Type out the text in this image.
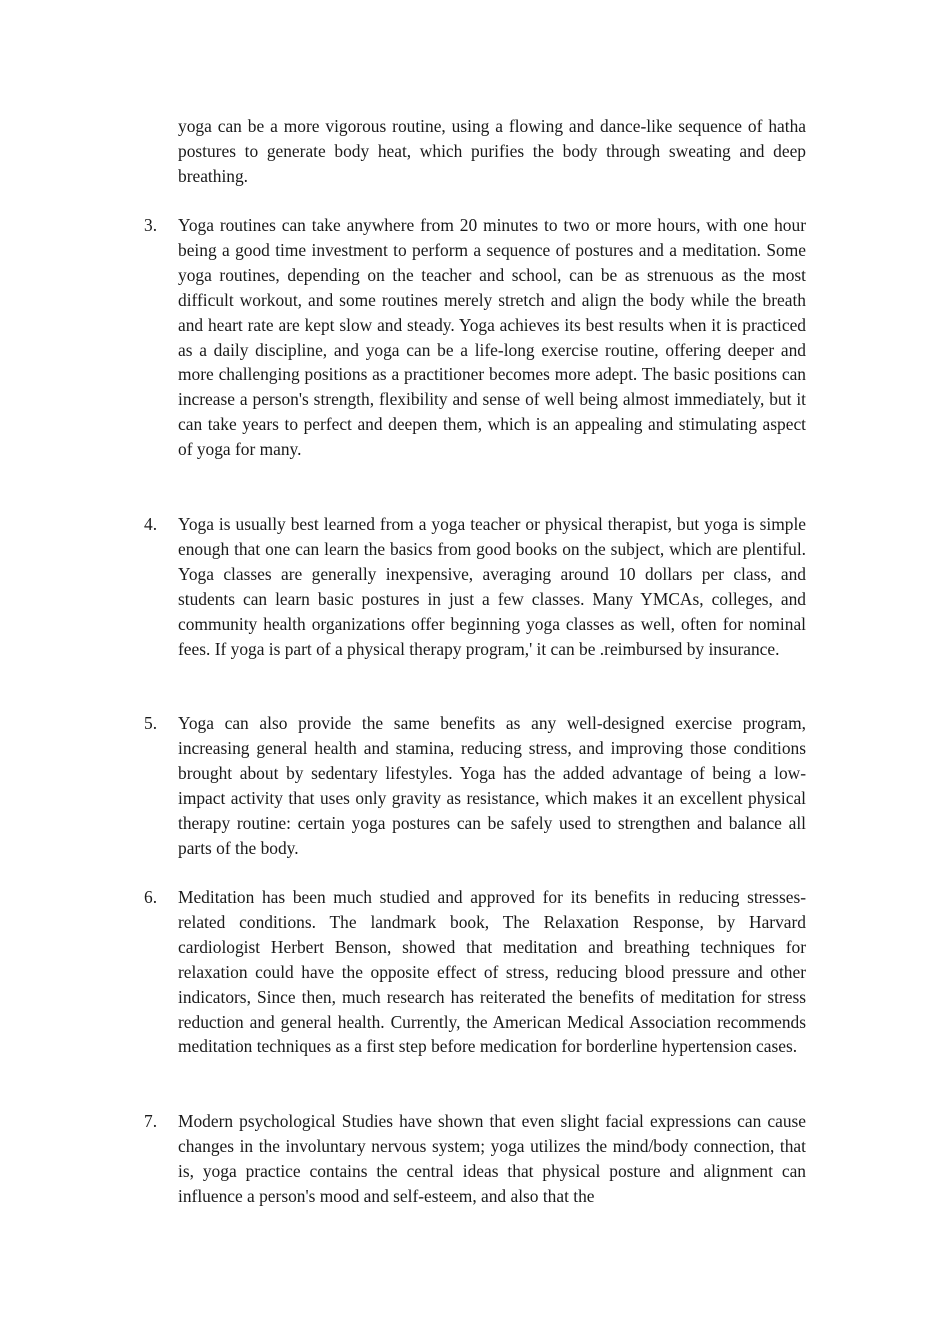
yoga can be a more vigorous routine, using a flowing and dance-like sequence of hatha postures to generate body heat, which purifies the body through sweating and deep breathing.

3. Yoga routines can take anywhere from 20 minutes to two or more hours, with one hour being a good time investment to perform a sequence of postures and a meditation. Some yoga routines, depending on the teacher and school, can be as strenuous as the most difficult workout, and some routines merely stretch and align the body while the breath and heart rate are kept slow and steady. Yoga achieves its best results when it is practiced as a daily discipline, and yoga can be a life-long exercise routine, offering deeper and more challenging positions as a practitioner becomes more adept. The basic positions can increase a person's strength, flexibility and sense of well being almost immediately, but it can take years to perfect and deepen them, which is an appealing and stimulating aspect of yoga for many.

4. Yoga is usually best learned from a yoga teacher or physical therapist, but yoga is simple enough that one can learn the basics from good books on the subject, which are plentiful. Yoga classes are generally inexpensive, averaging around 10 dollars per class, and students can learn basic postures in just a few classes. Many YMCAs, colleges, and community health organizations offer beginning yoga classes as well, often for nominal fees. If yoga is part of a physical therapy program,' it can be .reimbursed by insurance.

5. Yoga can also provide the same benefits as any well-designed exercise program, increasing general health and stamina, reducing stress, and improving those conditions brought about by sedentary lifestyles. Yoga has the added advantage of being a low- impact activity that uses only gravity as resistance, which makes it an excellent physical therapy routine: certain yoga postures can be safely used to strengthen and balance all parts of the body.

6. Meditation has been much studied and approved for its benefits in reducing stresses- related conditions. The landmark book, The Relaxation Response, by Harvard cardiologist Herbert Benson, showed that meditation and breathing techniques for relaxation could have the opposite effect of stress, reducing blood pressure and other indicators, Since then, much research has reiterated the benefits of meditation for stress reduction and general health. Currently, the American Medical Association recommends meditation techniques as a first step before medication for borderline hypertension cases.

7. Modern psychological Studies have shown that even slight facial expressions can cause changes in the involuntary nervous system; yoga utilizes the mind/body connection, that is, yoga practice contains the central ideas that physical posture and alignment can influence a person's mood and self-esteem, and also that the
